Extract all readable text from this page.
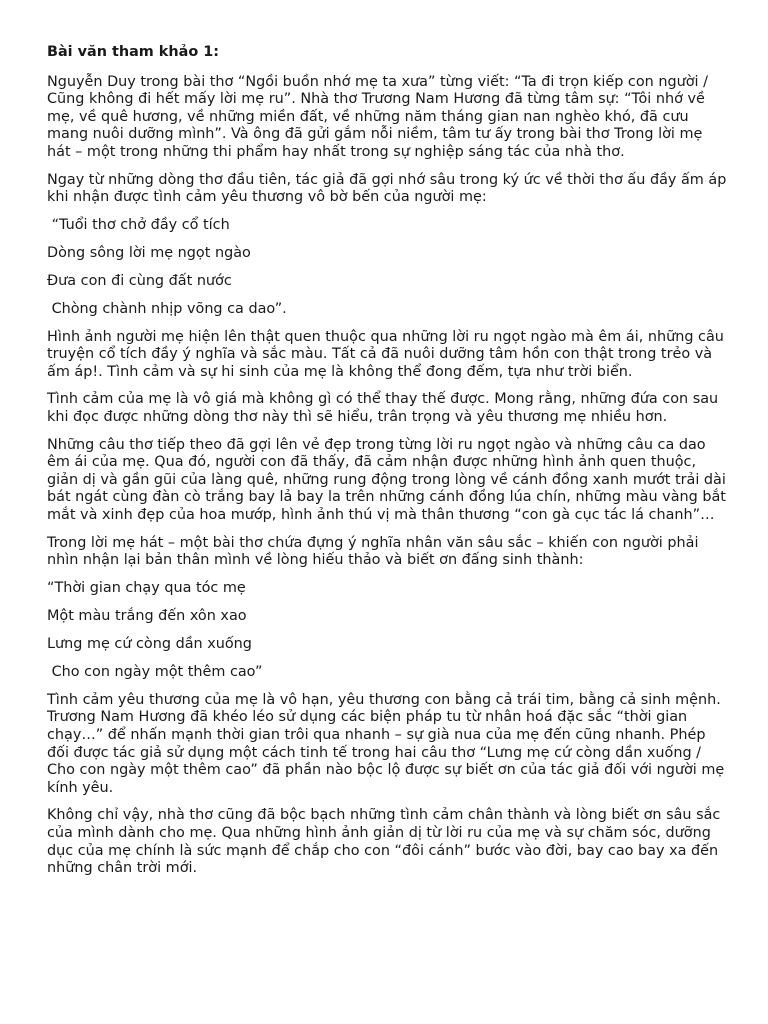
Bài văn tham khảo 1:

Nguyễn Duy trong bài thơ “Ngồi buồn nhớ mẹ ta xưa” từng viết: “Ta đi trọn kiếp con người / Cũng không đi hết mấy lời mẹ ru”. Nhà thơ Trương Nam Hương đã từng tâm sự: “Tôi nhớ về mẹ, về quê hương, về những miền đất, về những năm tháng gian nan nghèo khó, đã cưu mang nuôi dưỡng mình”. Và ông đã gửi gắm nỗi niềm, tâm tư ấy trong bài thơ Trong lời mẹ hát – một trong những thi phẩm hay nhất trong sự nghiệp sáng tác của nhà thơ.

Ngay từ những dòng thơ đầu tiên, tác giả đã gợi nhớ sâu trong ký ức về thời thơ ấu đầy ấm áp khi nhận được tình cảm yêu thương vô bờ bến của người mẹ:

“Tuổi thơ chở đầy cổ tích

Dòng sông lời mẹ ngọt ngào

Đưa con đi cùng đất nước

Chòng chành nhịp võng ca dao”.

Hình ảnh người mẹ hiện lên thật quen thuộc qua những lời ru ngọt ngào mà êm ái, những câu truyện cổ tích đầy ý nghĩa và sắc màu. Tất cả đã nuôi dưỡng tâm hồn con thật trong trẻo và ấm áp!. Tình cảm và sự hi sinh của mẹ là không thể đong đếm, tựa như trời biển.

Tình cảm của mẹ là vô giá mà không gì có thể thay thế được. Mong rằng, những đứa con sau khi đọc được những dòng thơ này thì sẽ hiểu, trân trọng và yêu thương mẹ nhiều hơn.

Những câu thơ tiếp theo đã gợi lên vẻ đẹp trong từng lời ru ngọt ngào và những câu ca dao êm ái của mẹ. Qua đó, người con đã thấy, đã cảm nhận được những hình ảnh quen thuộc, giản dị và gần gũi của làng quê, những rung động trong lòng về cánh đồng xanh mướt trải dài bát ngát cùng đàn cò trắng bay lả bay la trên những cánh đồng lúa chín, những màu vàng bắt mắt và xinh đẹp của hoa mướp, hình ảnh thú vị mà thân thương “con gà cục tác lá chanh”…

Trong lời mẹ hát – một bài thơ chứa đựng ý nghĩa nhân văn sâu sắc – khiến con người phải nhìn nhận lại bản thân mình về lòng hiếu thảo và biết ơn đấng sinh thành:

“Thời gian chạy qua tóc mẹ

Một màu trắng đến xôn xao

Lưng mẹ cứ còng dần xuống

Cho con ngày một thêm cao”

Tình cảm yêu thương của mẹ là vô hạn, yêu thương con bằng cả trái tim, bằng cả sinh mệnh. Trương Nam Hương đã khéo léo sử dụng các biện pháp tu từ nhân hoá đặc sắc “thời gian chạy…” để nhấn mạnh thời gian trôi qua nhanh – sự già nua của mẹ đến cũng nhanh. Phép đối được tác giả sử dụng một cách tinh tế trong hai câu thơ “Lưng mẹ cứ còng dần xuống / Cho con ngày một thêm cao” đã phần nào bộc lộ được sự biết ơn của tác giả đối với người mẹ kính yêu.

Không chỉ vậy, nhà thơ cũng đã bộc bạch những tình cảm chân thành và lòng biết ơn sâu sắc của mình dành cho mẹ. Qua những hình ảnh giản dị từ lời ru của mẹ và sự chăm sóc, dưỡng dục của mẹ chính là sức mạnh để chắp cho con “đôi cánh” bước vào đời, bay cao bay xa đến những chân trời mới.
